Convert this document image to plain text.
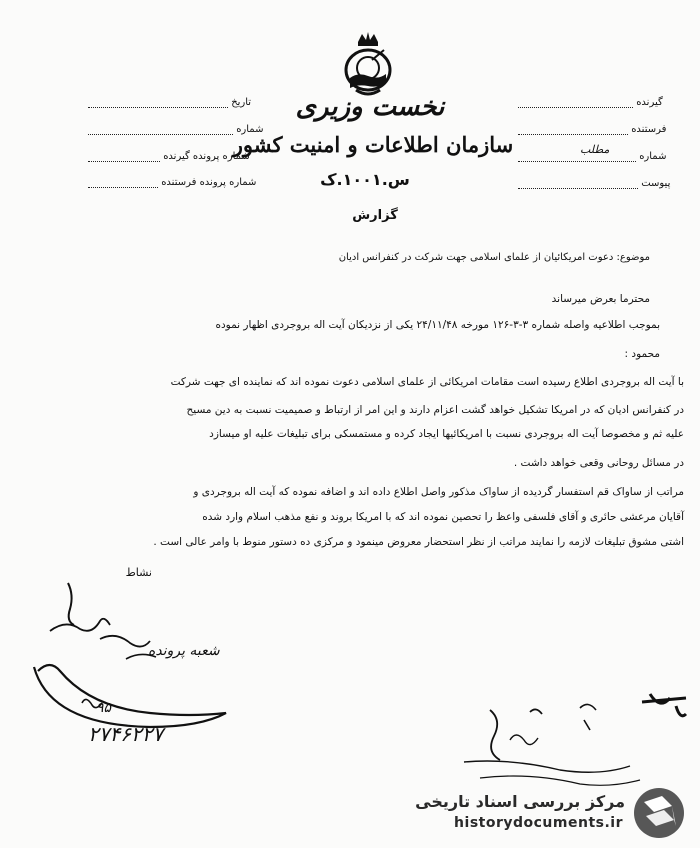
نخست وزیری
سازمان اطلاعات و امنیت کشور
س.۱۰۰۱.ک
گزارش
تاریخ
شماره
شماره پرونده گیرنده
شماره پرونده فرستنده
گیرنده
فرستنده
شماره
مطلب
پیوست
موضوع: دعوت امریکائیان از علمای اسلامی جهت شرکت در کنفرانس ادیان
محترما بعرض میرساند
بموجب اطلاعیه واصله شماره ۳-۳-۱۲۶ مورخه ۲۴/۱۱/۴۸ یکی از نزدیکان آیت اله بروجردی اظهار نموده
محمود :
با آیت اله بروجردی اطلاع رسیده است مقامات امریکائی از علمای اسلامی دعوت نموده اند که نماینده ای جهت شرکت
در کنفرانس ادیان که در امریکا تشکیل خواهد گشت اعزام دارند و این امر از ارتباط و صمیمیت نسبت به دین مسیح
علیه ثم و مخصوصا آیت اله بروجردی نسبت با امریکائیها ایجاد کرده و مستمسکی برای تبلیغات علیه او میسازد
در مسائل روحانی وقعی خواهد داشت .
مراتب از ساواک قم استفسار گردیده از ساواک مذکور واصل اطلاع داده اند و اضافه نموده که آیت اله بروجردی و
آقایان مرعشی حائری و آقای فلسفی واعظ را تحصین نموده اند که با امریکا بروند و نفع مذهب اسلام وارد شده
اشتی مشوق تبلیغات لازمه را نمایند مراتب از نظر استحضار معروض مینمود و مرکزی ده دستور منوط با وامر عالی است .
نشاط
شعبه پرونده
۲۷۴۶۲۲۷
۹۵
مرکز بررسی اسناد تاریخی
historydocuments.ir
